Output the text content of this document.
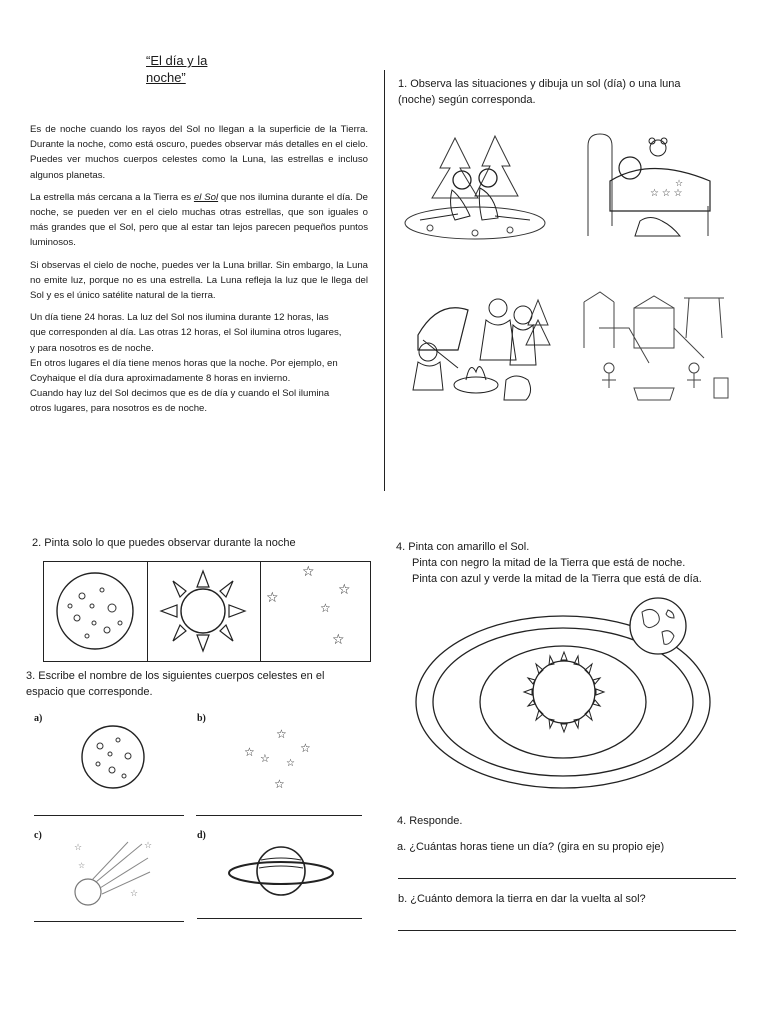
“El día y la
noche”

Es de noche cuando los rayos del Sol no llegan a la superficie de la Tierra. Durante la noche, como está oscuro, puedes observar más detalles en el cielo. Puedes ver muchos cuerpos celestes como la Luna, las estrellas e incluso algunos planetas.

La estrella más cercana a la Tierra es el Sol que nos ilumina durante el día. De noche, se pueden ver en el cielo muchas otras estrellas, que son iguales o más grandes que el Sol, pero que al estar tan lejos parecen pequeños puntos luminosos.

Si observas el cielo de noche, puedes ver la Luna brillar. Sin embargo, la Luna no emite luz, porque no es una estrella. La Luna refleja la luz que le llega del Sol y es el único satélite natural de la tierra.

Un día tiene 24 horas. La luz del Sol nos ilumina durante 12 horas, las

que corresponden al día. Las otras 12 horas, el Sol ilumina otros lugares,

y para nosotros es de noche.

En otros lugares el día tiene menos horas que la noche. Por ejemplo, en

Coyhaique el día dura aproximadamente 8 horas en invierno.

Cuando hay luz del Sol decimos que es de día y cuando el Sol ilumina

otros lugares, para nosotros es de noche.

1. Observa las situaciones y dibuja un sol (día) o una luna
(noche) según corresponda.
☆ ☆ ☆
☆
2. Pinta solo lo que puedes observar durante la noche
☆
☆	☆
☆
☆
3. Escribe el nombre de los siguientes cuerpos celestes en el
espacio que corresponde.
a)	b)
☆
☆ ☆
☆
☆
☆
c)
☆	☆
☆
☆
d)
4. Pinta con amarillo el Sol.
Pinta con negro la mitad de la Tierra que está de noche.
Pinta con azul y verde la mitad de la Tierra que está de día.
4. Responde.
a. ¿Cuántas horas tiene un día? (gira en su propio eje)
b. ¿Cuánto demora la tierra en dar la vuelta al sol?
